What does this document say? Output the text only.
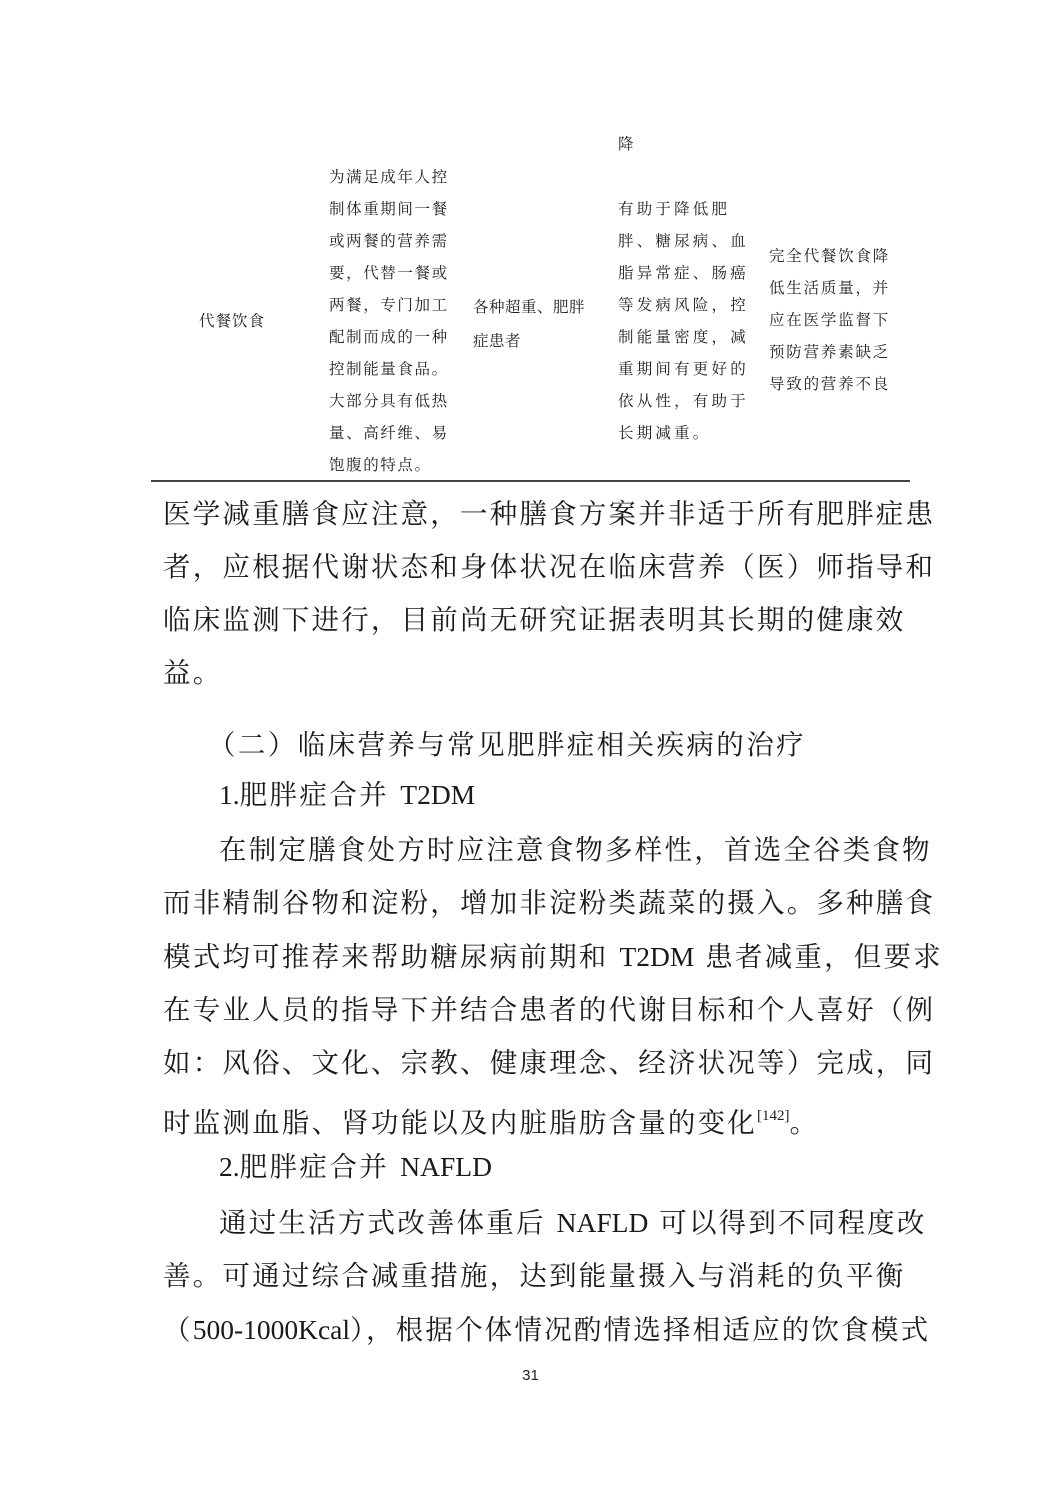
降
代餐饮食
为满足成年人控
制体重期间一餐
或两餐的营养需
要，代替一餐或
两餐，专门加工
配制而成的一种
控制能量食品。
大部分具有低热
量、高纤维、易
饱腹的特点。
各种超重、肥胖
症患者
有助于降低肥
胖、糖尿病、血
脂异常症、肠癌
等发病风险，控
制能量密度，减
重期间有更好的
依从性，有助于
长期减重。
完全代餐饮食降
低生活质量，并
应在医学监督下
预防营养素缺乏
导致的营养不良
医学减重膳食应注意，一种膳食方案并非适于所有肥胖症患
者，应根据代谢状态和身体状况在临床营养（医）师指导和
临床监测下进行，目前尚无研究证据表明其长期的健康效
益。
（二）临床营养与常见肥胖症相关疾病的治疗
1.肥胖症合并 T2DM
在制定膳食处方时应注意食物多样性，首选全谷类食物
而非精制谷物和淀粉，增加非淀粉类蔬菜的摄入。多种膳食
模式均可推荐来帮助糖尿病前期和 T2DM 患者减重，但要求
在专业人员的指导下并结合患者的代谢目标和个人喜好（例
如：风俗、文化、宗教、健康理念、经济状况等）完成，同
时监测血脂、肾功能以及内脏脂肪含量的变化[142]。
2.肥胖症合并 NAFLD
通过生活方式改善体重后 NAFLD 可以得到不同程度改
善。可通过综合减重措施，达到能量摄入与消耗的负平衡
（500-1000Kcal），根据个体情况酌情选择相适应的饮食模式
31
